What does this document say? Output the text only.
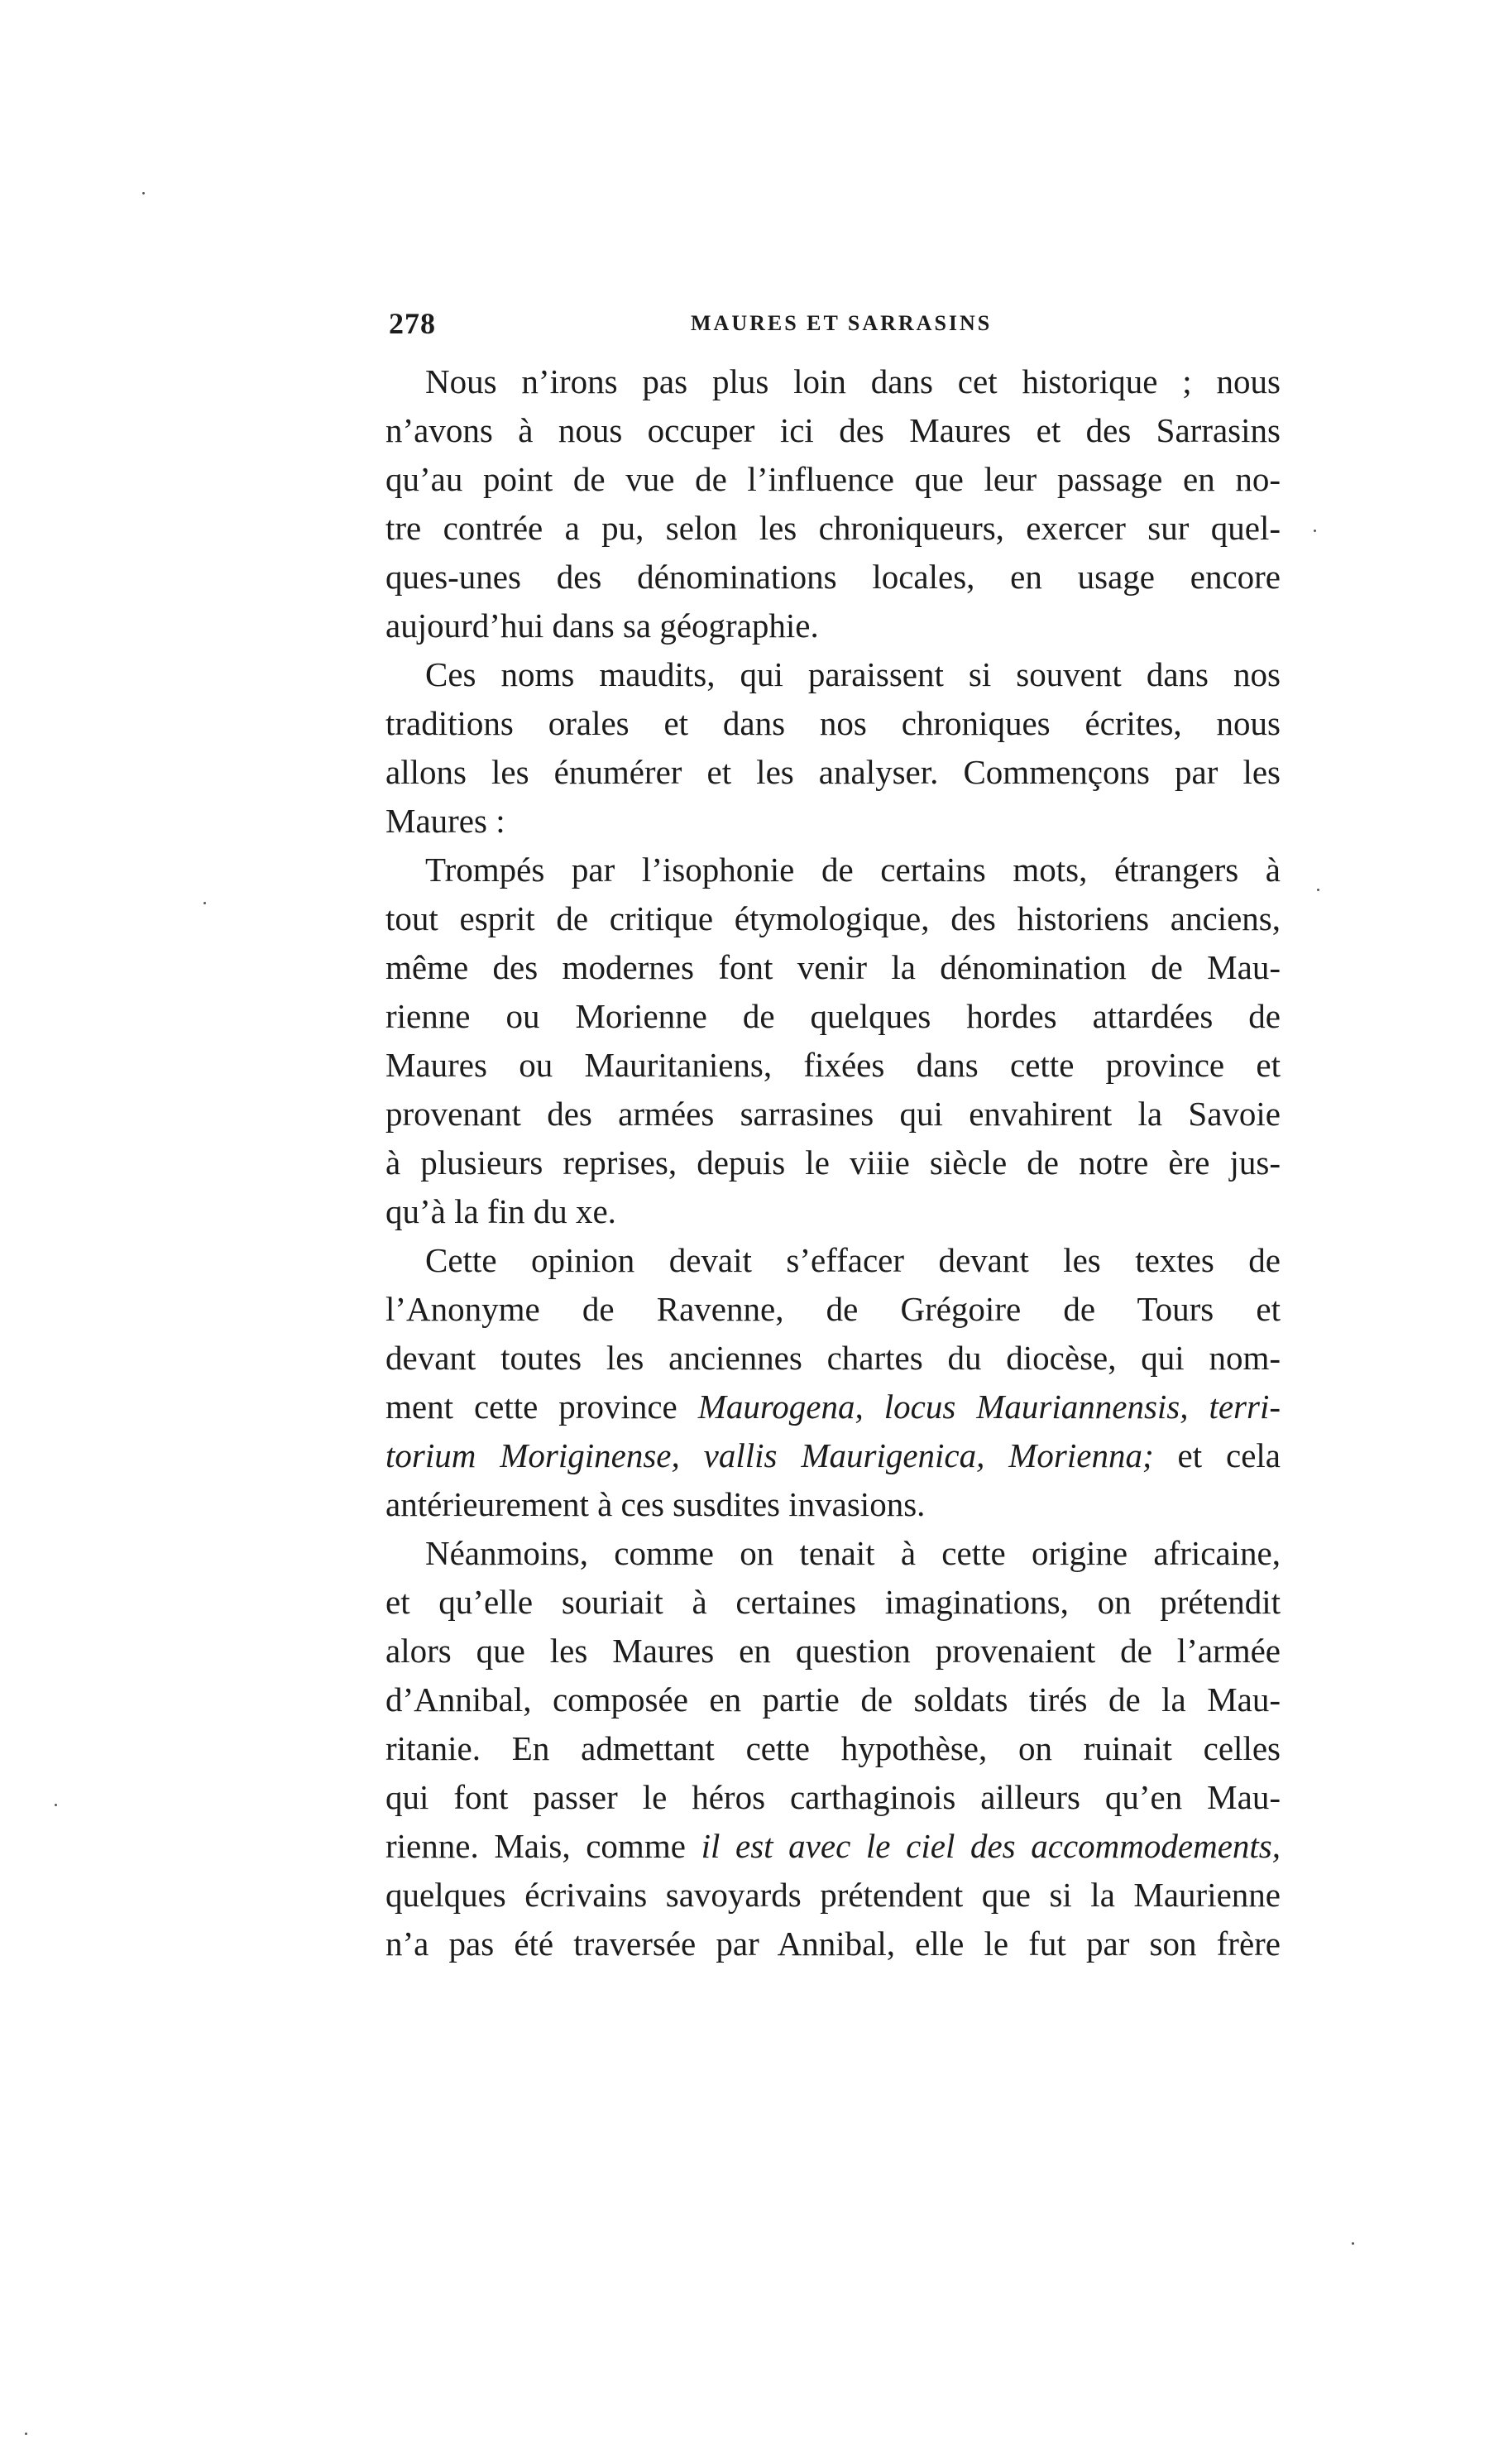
278	MAURES ET SARRASINS
Nous n’irons pas plus loin dans cet historique ; nous
n’avons à nous occuper ici des Maures et des Sarrasins
qu’au point de vue de l’influence que leur passage en no-
tre contrée a pu, selon les chroniqueurs, exercer sur quel-
ques-unes des dénominations locales, en usage encore
aujourd’hui dans sa géographie.
Ces noms maudits, qui paraissent si souvent dans nos
traditions orales et dans nos chroniques écrites, nous
allons les énumérer et les analyser. Commençons par les
Maures :
Trompés par l’isophonie de certains mots, étrangers à
tout esprit de critique étymologique, des historiens anciens,
même des modernes font venir la dénomination de Mau-
rienne ou Morienne de quelques hordes attardées de
Maures ou Mauritaniens, fixées dans cette province et
provenant des armées sarrasines qui envahirent la Savoie
à plusieurs reprises, depuis le viiie siècle de notre ère jus-
qu’à la fin du xe.
Cette opinion devait s’effacer devant les textes de
l’Anonyme de Ravenne, de Grégoire de Tours et
devant toutes les anciennes chartes du diocèse, qui nom-
ment cette province Maurogena, locus Mauriannensis, terri-
torium Moriginense, vallis Maurigenica, Morienna; et cela
antérieurement à ces susdites invasions.
Néanmoins, comme on tenait à cette origine africaine,
et qu’elle souriait à certaines imaginations, on prétendit
alors que les Maures en question provenaient de l’armée
d’Annibal, composée en partie de soldats tirés de la Mau-
ritanie. En admettant cette hypothèse, on ruinait celles
qui font passer le héros carthaginois ailleurs qu’en Mau-
rienne. Mais, comme il est avec le ciel des accommodements,
quelques écrivains savoyards prétendent que si la Maurienne
n’a pas été traversée par Annibal, elle le fut par son frère
